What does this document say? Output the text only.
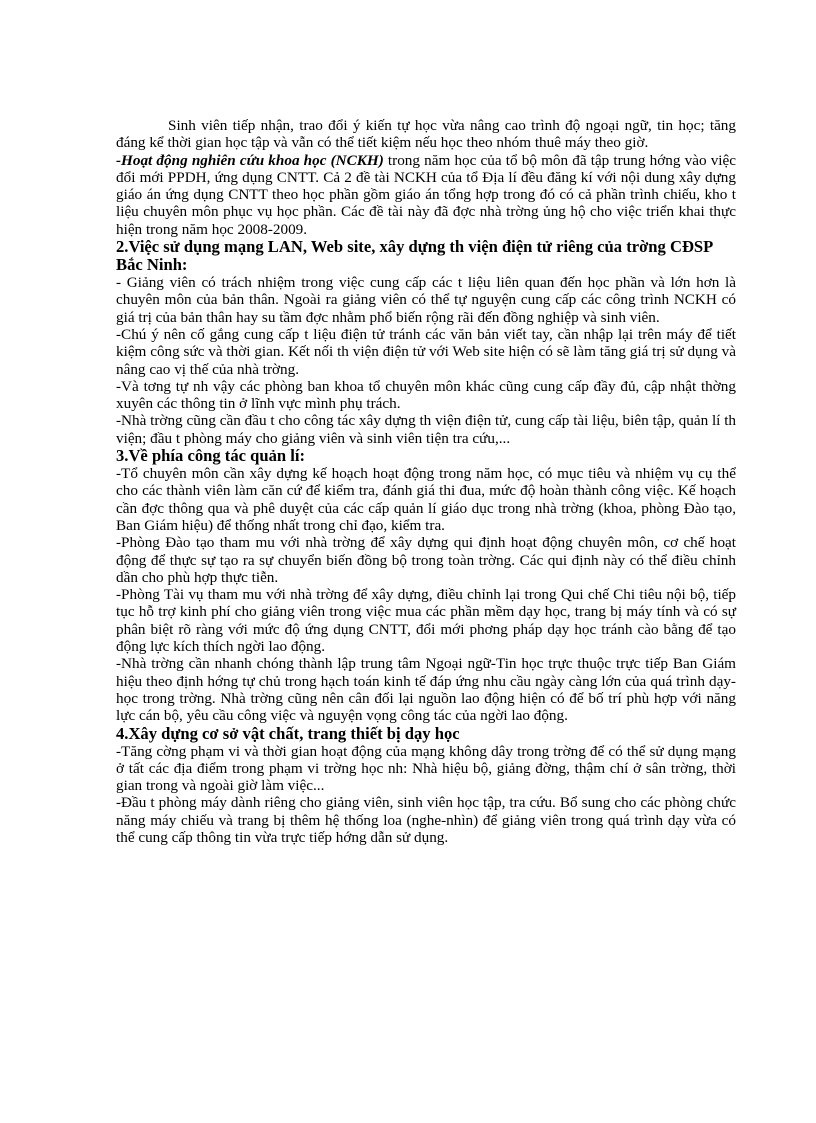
Sinh viên tiếp nhận, trao đổi ý kiến tự học vừa nâng cao trình độ ngoại ngữ, tin học; tăng đáng kể thời gian học tập và vẫn có thể tiết kiệm nếu học theo nhóm thuê máy theo giờ.

-Hoạt động nghiên cứu khoa học (NCKH) trong năm học của tổ bộ môn đã tập trung hớng vào việc đổi mới PPDH, ứng dụng CNTT. Cả 2 đề tài NCKH của tổ Địa lí đều đăng kí với nội dung xây dựng giáo án ứng dụng CNTT theo học phần gồm giáo án tổng hợp trong đó có cả phần trình chiếu, kho t liệu chuyên môn phục vụ học phần. Các đề tài này đã đợc nhà trờng ủng hộ cho việc triển khai thực hiện trong năm học 2008-2009.

2.Việc sử dụng mạng LAN, Web site, xây dựng th viện điện tử riêng của trờng CĐSP Bắc Ninh:

- Giảng viên có trách nhiệm trong việc cung cấp các t liệu liên quan đến học phần và lớn hơn là chuyên môn của bản thân. Ngoài ra giảng viên có thể tự nguyện cung cấp các công trình NCKH có giá trị của bản thân hay su tầm đợc nhằm phổ biến rộng rãi đến đồng nghiệp và sinh viên.

-Chú ý nên cố gắng cung cấp t liệu điện tử tránh các văn bản viết tay, cần nhập lại trên máy để tiết kiệm công sức và thời gian. Kết nối th viện điện tử với Web site hiện có sẽ làm tăng giá trị sử dụng và nâng cao vị thế của nhà trờng.

-Và tơng tự nh vậy các phòng ban khoa tổ chuyên môn khác cũng cung cấp đầy đủ, cập nhật thờng xuyên các thông tin ở lĩnh vực mình phụ trách.

-Nhà trờng cũng cần đầu t cho công tác xây dựng th viện điện tử, cung cấp tài liệu, biên tập, quản lí th viện; đầu t phòng máy cho giảng viên và sinh viên tiện tra cứu,...

3.Về phía công tác quản lí:

-Tổ chuyên môn cần xây dựng kế hoạch hoạt động trong năm học, có mục tiêu và nhiệm vụ cụ thể cho các thành viên làm căn cứ để kiểm tra, đánh giá thi đua, mức độ hoàn thành công việc. Kế hoạch cần đợc thông qua và phê duyệt của các cấp quản lí giáo dục trong nhà trờng (khoa, phòng Đào tạo, Ban Giám hiệu) để thống nhất trong chỉ đạo, kiểm tra.

-Phòng Đào tạo tham mu với nhà trờng để xây dựng qui định hoạt động chuyên môn, cơ chế hoạt động để thực sự tạo ra sự chuyển biến đồng bộ trong toàn trờng. Các qui định này có thể điều chỉnh dần cho phù hợp thực tiễn.

-Phòng Tài vụ tham mu với nhà trờng để xây dựng, điều chỉnh lại trong Qui chế Chi tiêu nội bộ, tiếp tục hỗ trợ kinh phí cho giảng viên trong việc mua các phần mềm dạy học, trang bị máy tính và có sự phân biệt rõ ràng với mức độ ứng dụng CNTT, đổi mới phơng pháp dạy học tránh cào bằng để tạo động lực kích thích ngời lao động.

-Nhà trờng cần nhanh chóng thành lập trung tâm Ngoại ngữ-Tin học trực thuộc trực tiếp Ban Giám hiệu theo định hớng tự chủ trong hạch toán kinh tế đáp ứng nhu cầu ngày càng lớn của quá trình dạy-học trong trờng. Nhà trờng cũng nên cân đối lại nguồn lao động hiện có để bố trí phù hợp với năng lực cán bộ, yêu cầu công việc và nguyện vọng công tác của ngời lao động.

4.Xây dựng cơ sở vật chất, trang thiết bị dạy học

-Tăng cờng phạm vi và thời gian hoạt động của mạng không dây trong trờng để có thể sử dụng mạng ở tất các địa điểm trong phạm vi trờng học nh: Nhà hiệu bộ, giảng đờng, thậm chí ở sân trờng, thời gian trong và ngoài giờ làm việc...

-Đầu t phòng máy dành riêng cho giảng viên, sinh viên học tập, tra cứu. Bổ sung cho các phòng chức năng máy chiếu và trang bị thêm hệ thống loa (nghe-nhìn) để giảng viên trong quá trình dạy vừa có thể cung cấp thông tin vừa trực tiếp hớng dẫn sử dụng.
